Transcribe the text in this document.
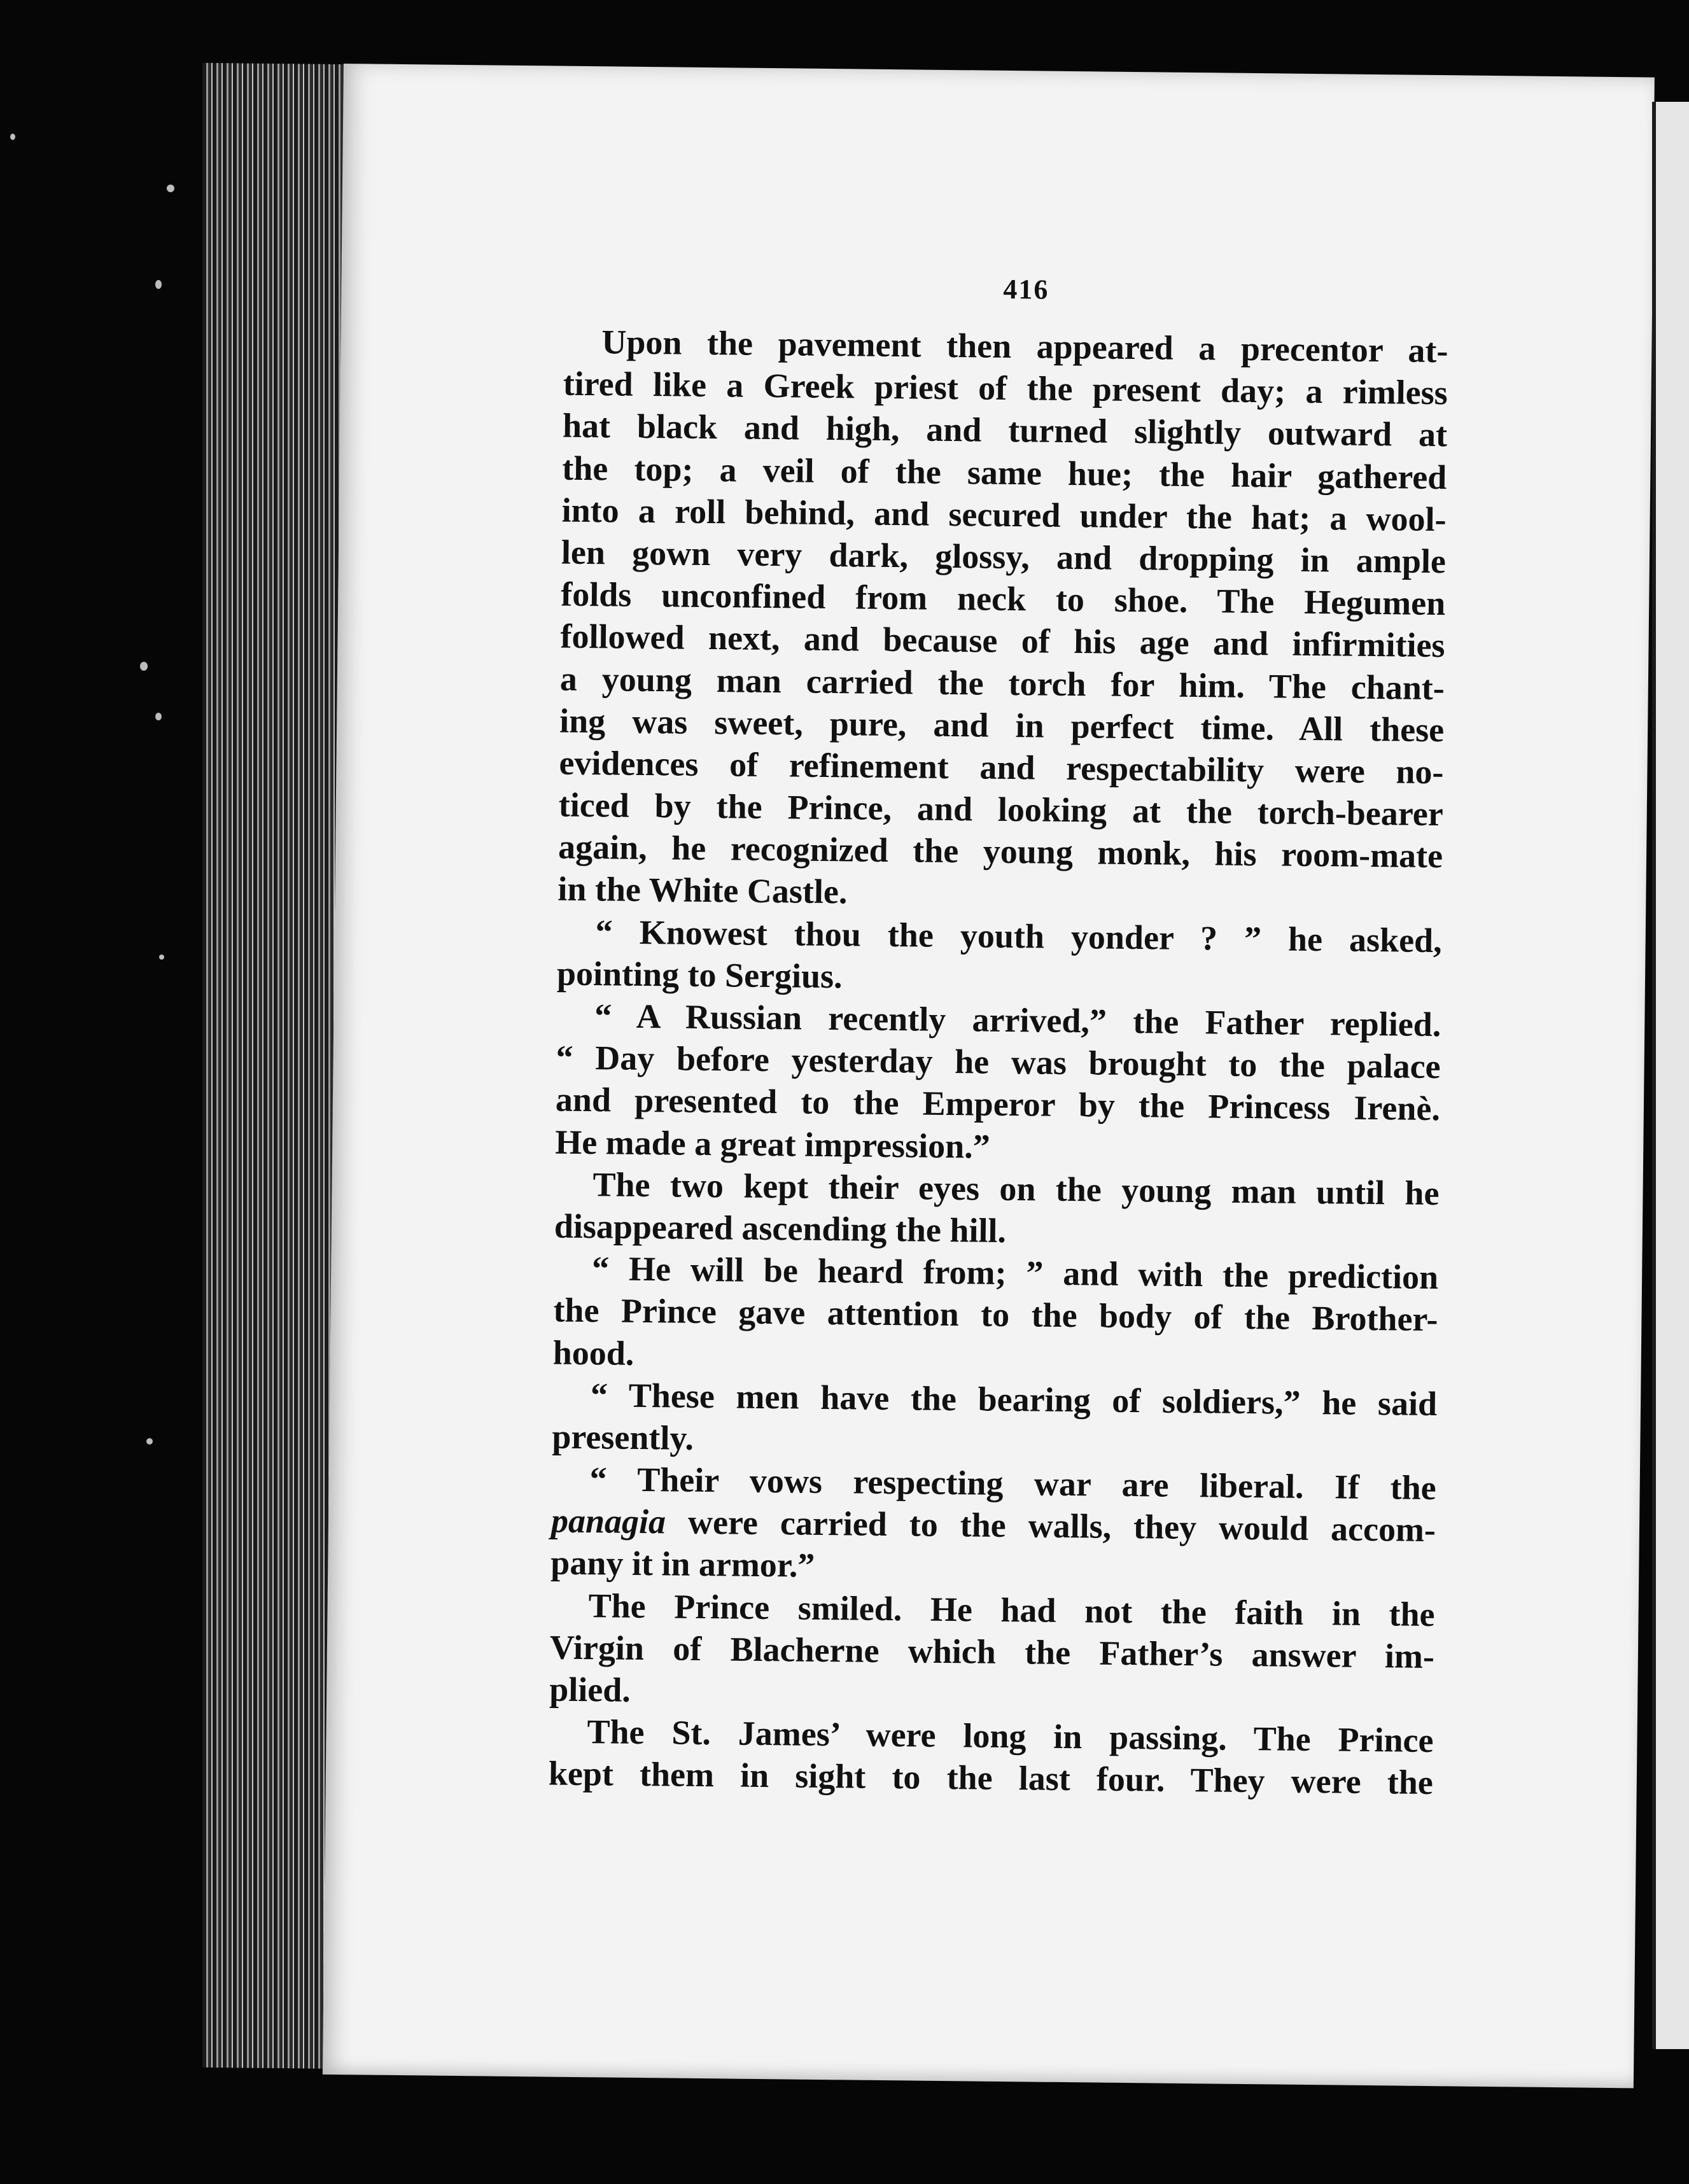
416
Upon the pavement then appeared a precentor at-
tired like a Greek priest of the present day; a rimless
hat black and high, and turned slightly outward at
the top; a veil of the same hue; the hair gathered
into a roll behind, and secured under the hat; a wool-
len gown very dark, glossy, and dropping in ample
folds unconfined from neck to shoe. The Hegumen
followed next, and because of his age and infirmities
a young man carried the torch for him. The chant-
ing was sweet, pure, and in perfect time. All these
evidences of refinement and respectability were no-
ticed by the Prince, and looking at the torch-bearer
again, he recognized the young monk, his room-mate
in the White Castle.
“ Knowest thou the youth yonder ? ” he asked,
pointing to Sergius.
“ A Russian recently arrived,” the Father replied.
“ Day before yesterday he was brought to the palace
and presented to the Emperor by the Princess Irenè.
He made a great impression.”
The two kept their eyes on the young man until he
disappeared ascending the hill.
“ He will be heard from; ” and with the prediction
the Prince gave attention to the body of the Brother-
hood.
“ These men have the bearing of soldiers,” he said
presently.
“ Their vows respecting war are liberal. If the
panagia were carried to the walls, they would accom-
pany it in armor.”
The Prince smiled. He had not the faith in the
Virgin of Blacherne which the Father’s answer im-
plied.
The St. James’ were long in passing. The Prince
kept them in sight to the last four. They were the
